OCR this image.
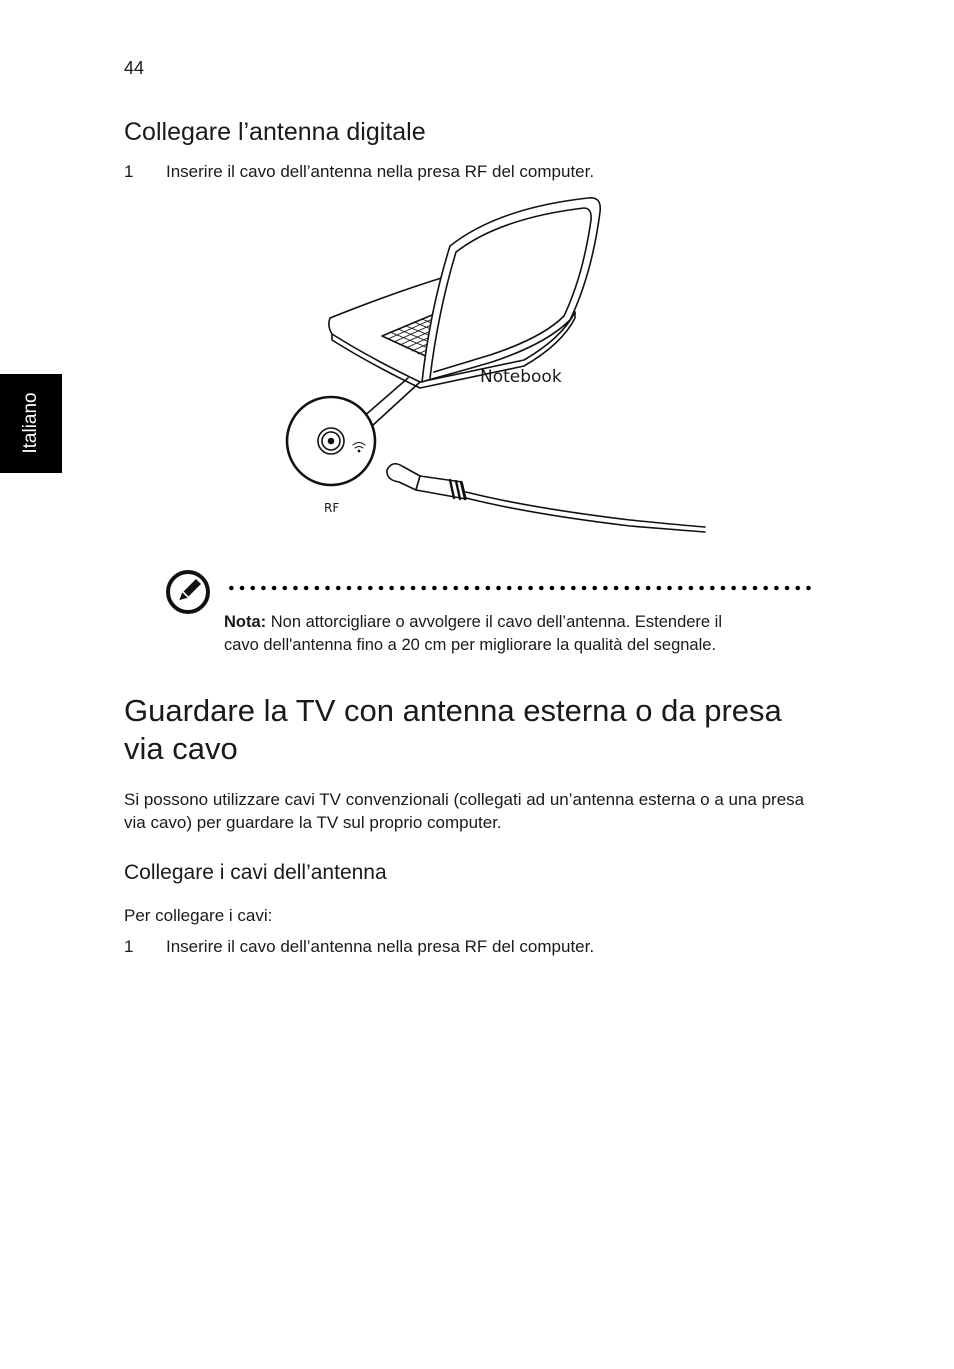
44
Italiano
Collegare l’antenna digitale
1 Inserire il cavo dell’antenna nella presa RF del computer.
Notebook
RF
Nota: Non attorcigliare o avvolgere il cavo dell’antenna. Estendere il
cavo dell'antenna fino a 20 cm per migliorare la qualità del segnale.
Guardare la TV con antenna esterna o da presa via cavo
Si possono utilizzare cavi TV convenzionali (collegati ad un’antenna esterna o a una presa via cavo) per guardare la TV sul proprio computer.
Collegare i cavi dell’antenna
Per collegare i cavi:
1 Inserire il cavo dell’antenna nella presa RF del computer.
